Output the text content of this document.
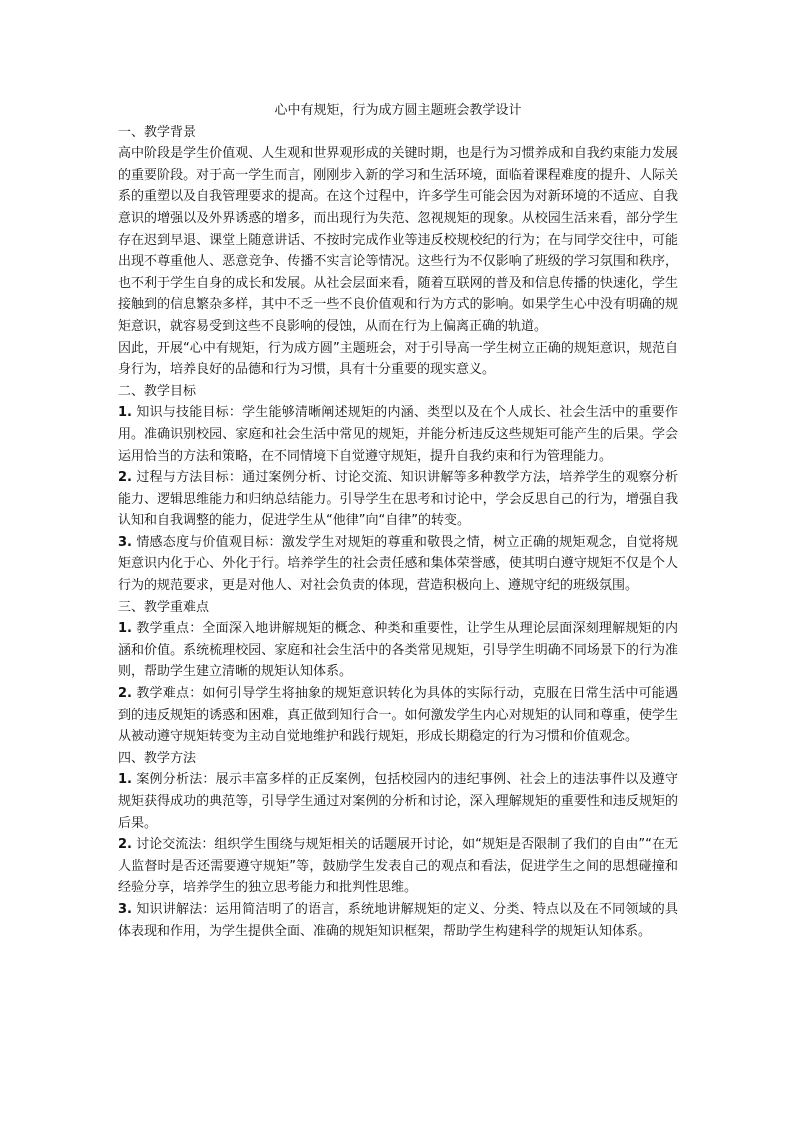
心中有规矩，行为成方圆主题班会教学设计
一、教学背景

高中阶段是学生价值观、人生观和世界观形成的关键时期，也是行为习惯养成和自我约束能力发展的重要阶段。对于高一学生而言，刚刚步入新的学习和生活环境，面临着课程难度的提升、人际关系的重塑以及自我管理要求的提高。在这个过程中，许多学生可能会因为对新环境的不适应、自我意识的增强以及外界诱惑的增多，而出现行为失范、忽视规矩的现象。从校园生活来看，部分学生存在迟到早退、课堂上随意讲话、不按时完成作业等违反校规校纪的行为；在与同学交往中，可能出现不尊重他人、恶意竞争、传播不实言论等情况。这些行为不仅影响了班级的学习氛围和秩序，也不利于学生自身的成长和发展。从社会层面来看，随着互联网的普及和信息传播的快速化，学生接触到的信息繁杂多样，其中不乏一些不良价值观和行为方式的影响。如果学生心中没有明确的规矩意识，就容易受到这些不良影响的侵蚀，从而在行为上偏离正确的轨道。

因此，开展“心中有规矩，行为成方圆”主题班会，对于引导高一学生树立正确的规矩意识，规范自身行为，培养良好的品德和行为习惯，具有十分重要的现实意义。

二、教学目标

1. 知识与技能目标：学生能够清晰阐述规矩的内涵、类型以及在个人成长、社会生活中的重要作用。准确识别校园、家庭和社会生活中常见的规矩，并能分析违反这些规矩可能产生的后果。学会运用恰当的方法和策略，在不同情境下自觉遵守规矩，提升自我约束和行为管理能力。

2. 过程与方法目标：通过案例分析、讨论交流、知识讲解等多种教学方法，培养学生的观察分析能力、逻辑思维能力和归纳总结能力。引导学生在思考和讨论中，学会反思自己的行为，增强自我认知和自我调整的能力，促进学生从“他律”向“自律”的转变。

3. 情感态度与价值观目标：激发学生对规矩的尊重和敬畏之情，树立正确的规矩观念，自觉将规矩意识内化于心、外化于行。培养学生的社会责任感和集体荣誉感，使其明白遵守规矩不仅是个人行为的规范要求，更是对他人、对社会负责的体现，营造积极向上、遵规守纪的班级氛围。

三、教学重难点

1. 教学重点：全面深入地讲解规矩的概念、种类和重要性，让学生从理论层面深刻理解规矩的内涵和价值。系统梳理校园、家庭和社会生活中的各类常见规矩，引导学生明确不同场景下的行为准则，帮助学生建立清晰的规矩认知体系。

2. 教学难点：如何引导学生将抽象的规矩意识转化为具体的实际行动，克服在日常生活中可能遇到的违反规矩的诱惑和困难，真正做到知行合一。如何激发学生内心对规矩的认同和尊重，使学生从被动遵守规矩转变为主动自觉地维护和践行规矩，形成长期稳定的行为习惯和价值观念。

四、教学方法

1. 案例分析法：展示丰富多样的正反案例，包括校园内的违纪事例、社会上的违法事件以及遵守规矩获得成功的典范等，引导学生通过对案例的分析和讨论，深入理解规矩的重要性和违反规矩的后果。

2. 讨论交流法：组织学生围绕与规矩相关的话题展开讨论，如“规矩是否限制了我们的自由”“在无人监督时是否还需要遵守规矩”等，鼓励学生发表自己的观点和看法，促进学生之间的思想碰撞和经验分享，培养学生的独立思考能力和批判性思维。

3. 知识讲解法：运用简洁明了的语言，系统地讲解规矩的定义、分类、特点以及在不同领域的具体表现和作用，为学生提供全面、准确的规矩知识框架，帮助学生构建科学的规矩认知体系。
